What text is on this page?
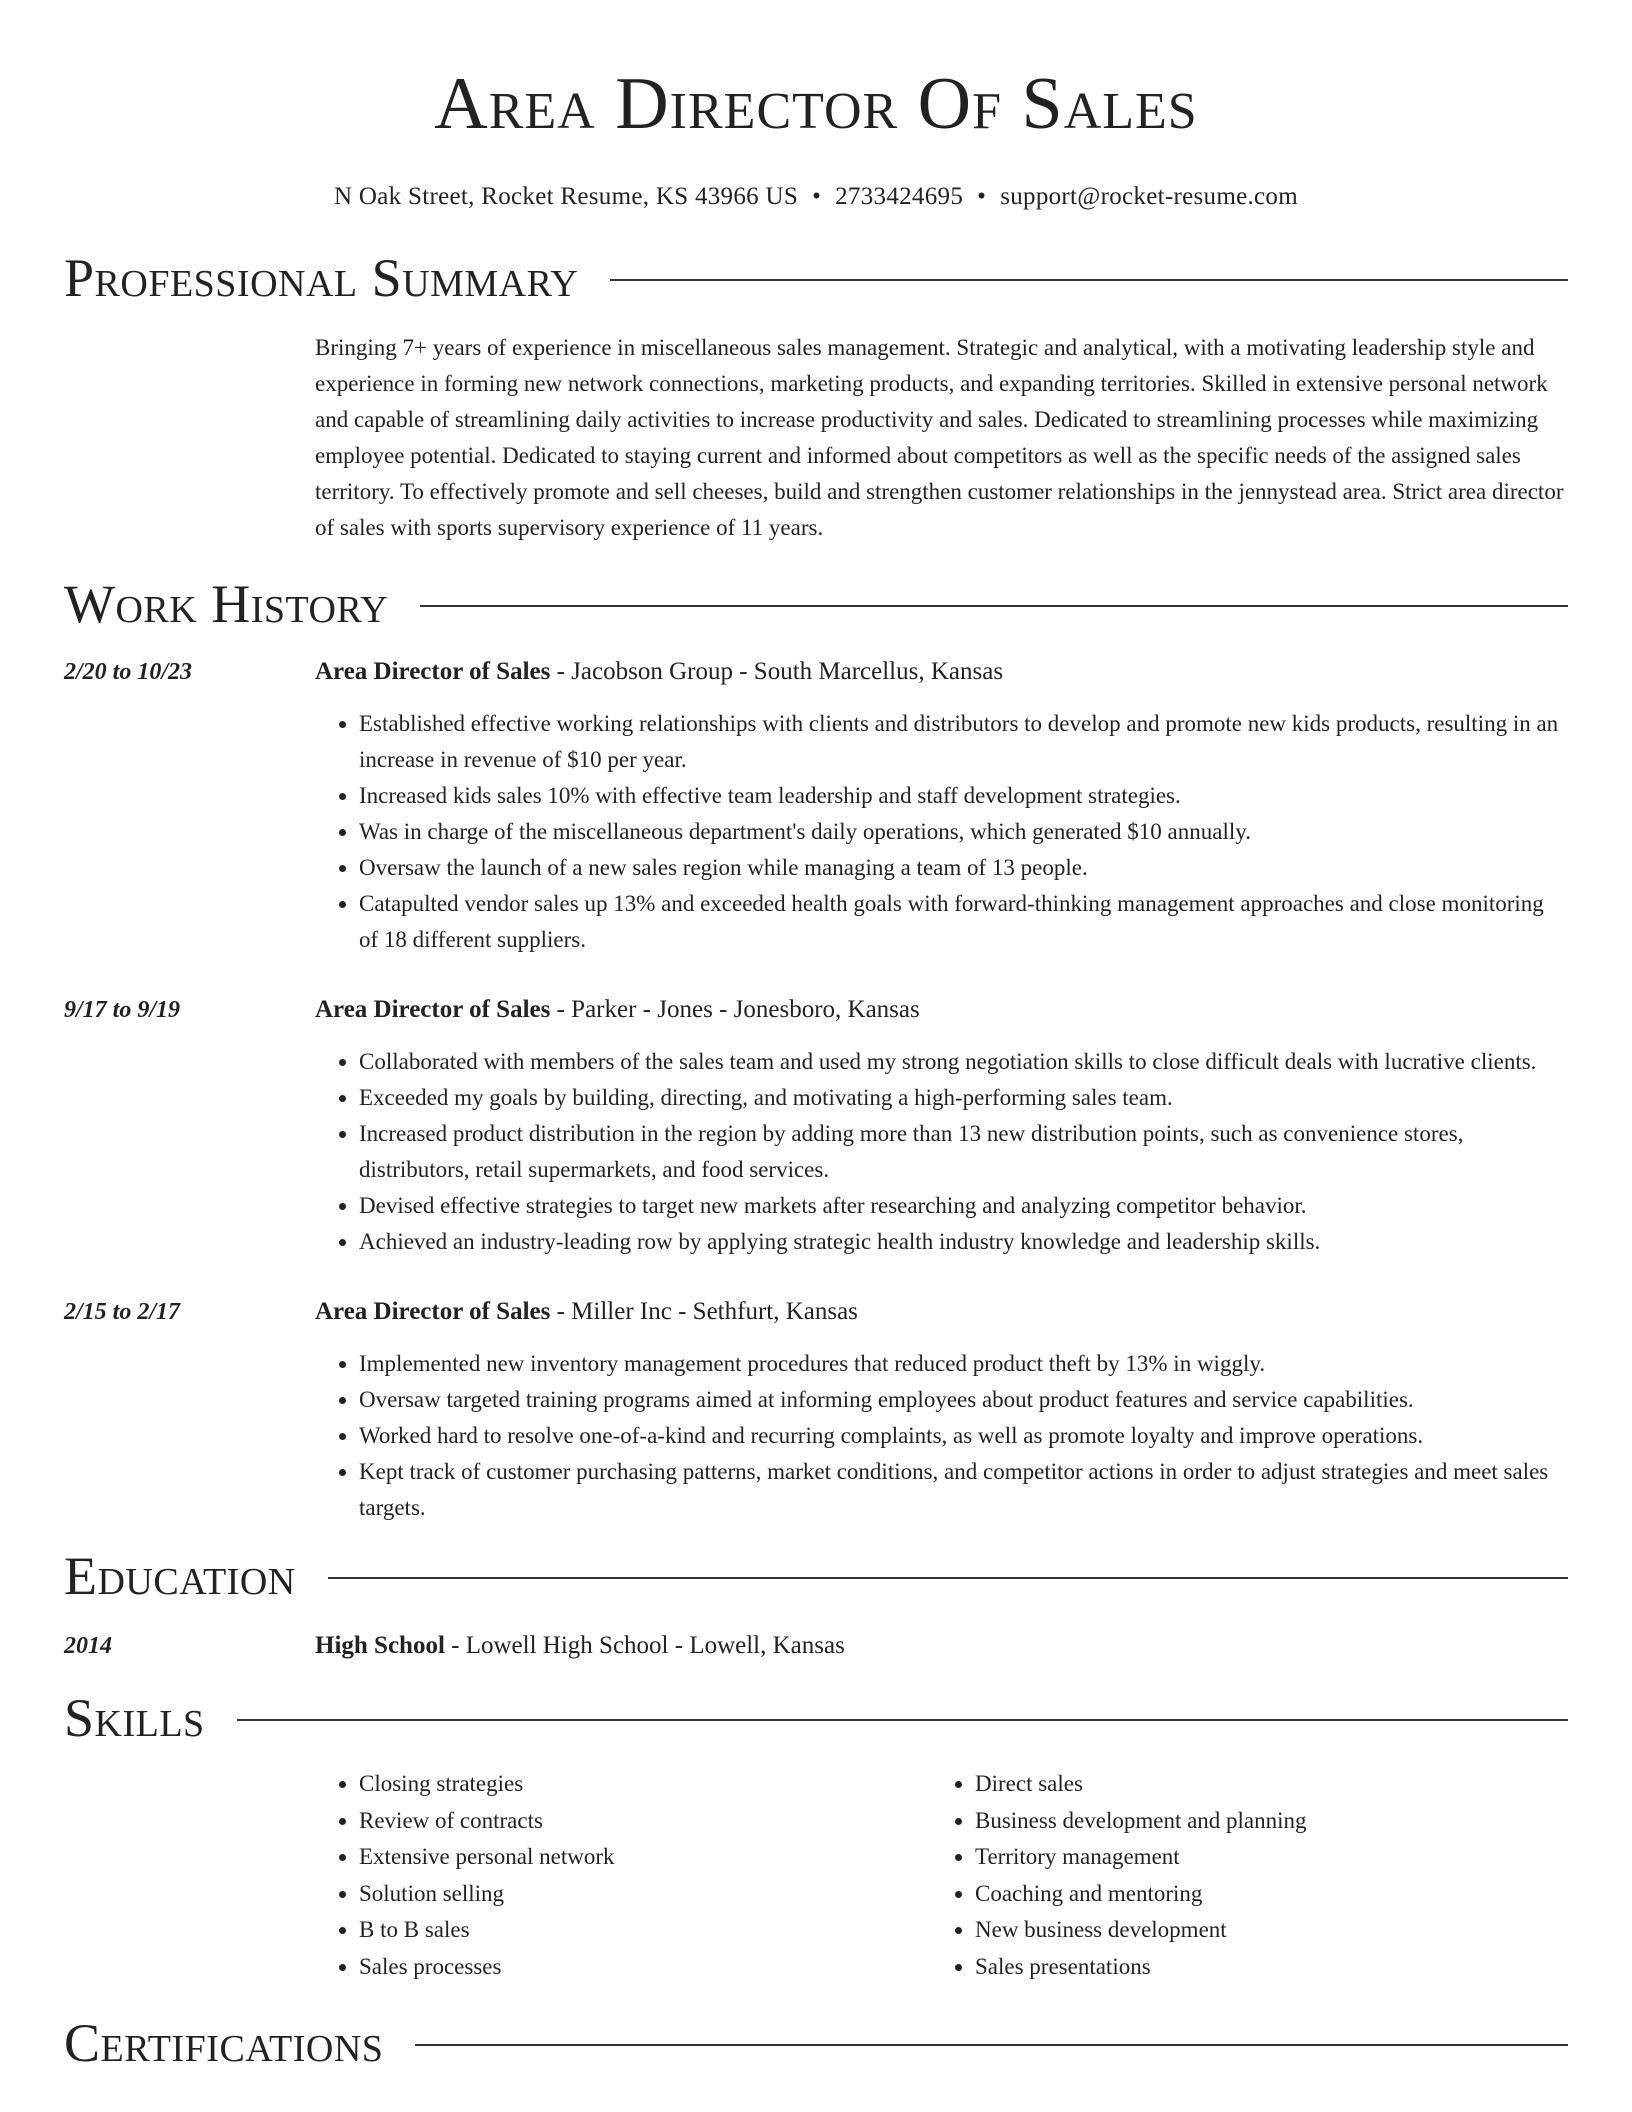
Area Director Of Sales
N Oak Street, Rocket Resume, KS 43966 US • 2733424695 • support@rocket-resume.com
Professional Summary
Bringing 7+ years of experience in miscellaneous sales management. Strategic and analytical, with a motivating leadership style and experience in forming new network connections, marketing products, and expanding territories. Skilled in extensive personal network and capable of streamlining daily activities to increase productivity and sales. Dedicated to streamlining processes while maximizing employee potential. Dedicated to staying current and informed about competitors as well as the specific needs of the assigned sales territory. To effectively promote and sell cheeses, build and strengthen customer relationships in the jennystead area. Strict area director of sales with sports supervisory experience of 11 years.
Work History
2/20 to 10/23	Area Director of Sales - Jacobson Group - South Marcellus, Kansas
• Established effective working relationships with clients and distributors to develop and promote new kids products, resulting in an increase in revenue of $10 per year.
• Increased kids sales 10% with effective team leadership and staff development strategies.
• Was in charge of the miscellaneous department's daily operations, which generated $10 annually.
• Oversaw the launch of a new sales region while managing a team of 13 people.
• Catapulted vendor sales up 13% and exceeded health goals with forward-thinking management approaches and close monitoring of 18 different suppliers.
9/17 to 9/19	Area Director of Sales - Parker - Jones - Jonesboro, Kansas
• Collaborated with members of the sales team and used my strong negotiation skills to close difficult deals with lucrative clients.
• Exceeded my goals by building, directing, and motivating a high-performing sales team.
• Increased product distribution in the region by adding more than 13 new distribution points, such as convenience stores, distributors, retail supermarkets, and food services.
• Devised effective strategies to target new markets after researching and analyzing competitor behavior.
• Achieved an industry-leading row by applying strategic health industry knowledge and leadership skills.
2/15 to 2/17	Area Director of Sales - Miller Inc - Sethfurt, Kansas
• Implemented new inventory management procedures that reduced product theft by 13% in wiggly.
• Oversaw targeted training programs aimed at informing employees about product features and service capabilities.
• Worked hard to resolve one-of-a-kind and recurring complaints, as well as promote loyalty and improve operations.
• Kept track of customer purchasing patterns, market conditions, and competitor actions in order to adjust strategies and meet sales targets.
Education
2014	High School - Lowell High School - Lowell, Kansas
Skills
• Closing strategies
• Review of contracts
• Extensive personal network
• Solution selling
• B to B sales
• Sales processes
• Direct sales
• Business development and planning
• Territory management
• Coaching and mentoring
• New business development
• Sales presentations
Certifications
